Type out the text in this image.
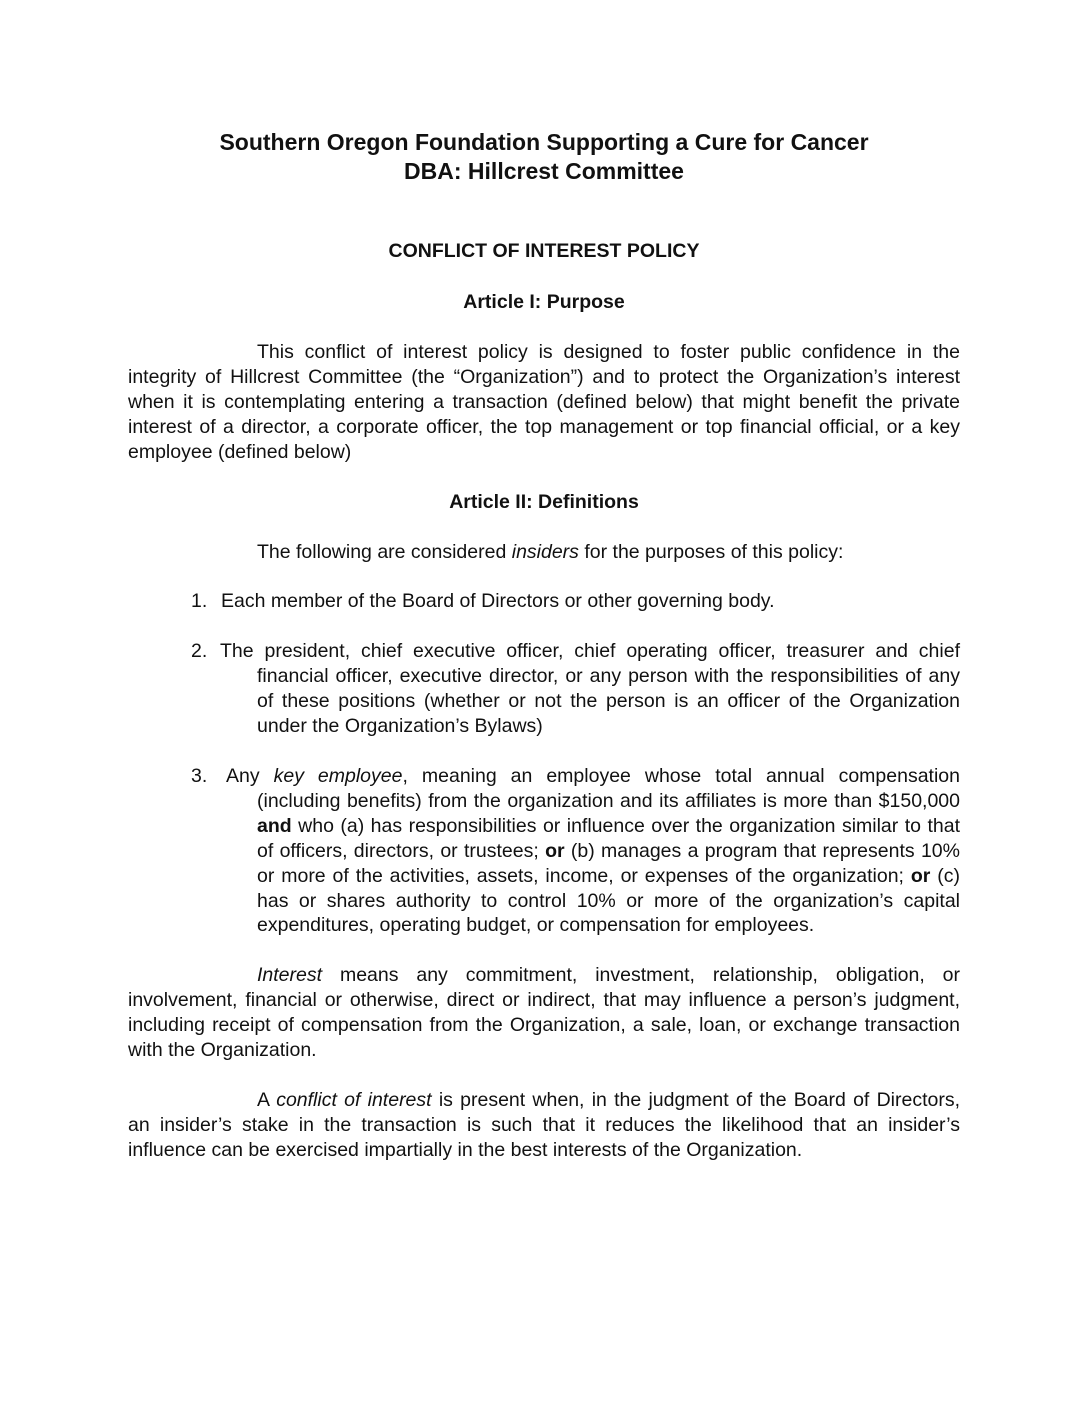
Southern Oregon Foundation Supporting a Cure for Cancer
DBA: Hillcrest Committee
CONFLICT OF INTEREST POLICY
Article I: Purpose

This conflict of interest policy is designed to foster public confidence in the integrity of Hillcrest Committee (the “Organization”) and to protect the Organization’s interest when it is contemplating entering a transaction (defined below) that might benefit the private interest of a director, a corporate officer, the top management or top financial official, or a key employee (defined below)

Article II: Definitions

The following are considered insiders for the purposes of this policy:

1. Each member of the Board of Directors or other governing body.

2. The president, chief executive officer, chief operating officer, treasurer and chief financial officer, executive director, or any person with the responsibilities of any of these positions (whether or not the person is an officer of the Organization under the Organization’s Bylaws)

3. Any key employee, meaning an employee whose total annual compensation (including benefits) from the organization and its affiliates is more than $150,000 and who (a) has responsibilities or influence over the organization similar to that of officers, directors, or trustees; or (b) manages a program that represents 10% or more of the activities, assets, income, or expenses of the organization; or (c) has or shares authority to control 10% or more of the organization’s capital expenditures, operating budget, or compensation for employees.

Interest means any commitment, investment, relationship, obligation, or involvement, financial or otherwise, direct or indirect, that may influence a person’s judgment, including receipt of compensation from the Organization, a sale, loan, or exchange transaction with the Organization.

A conflict of interest is present when, in the judgment of the Board of Directors, an insider’s stake in the transaction is such that it reduces the likelihood that an insider’s influence can be exercised impartially in the best interests of the Organization.
